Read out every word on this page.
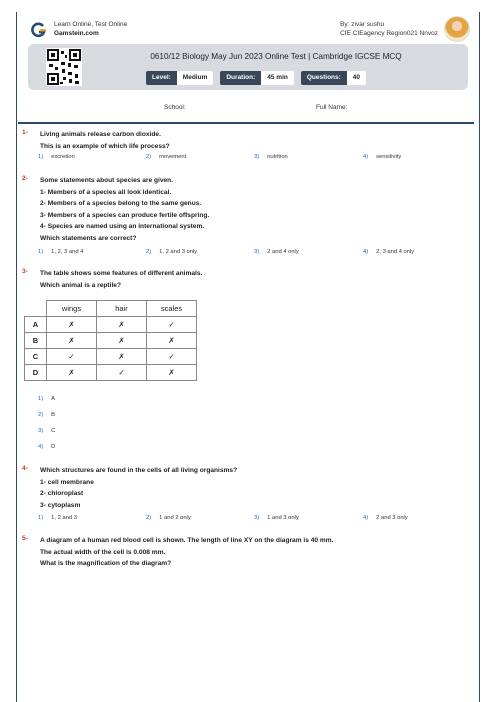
Learn Online, Test Online
Gamstein.com
By: zivar sushu
CIE CIEagency Region021 Nnvoz
0610/12 Biology May Jun 2023 Online Test | Cambridge IGCSE MCQ
Level:	Medium	Duration:	45 min	Questions:	40
School:	Full Name:
1- Living animals release carbon dioxide.
This is an example of which life process?
1) excretion	2) movement	3) nutrition	4) sensitivity
2- Some statements about species are given.
1- Members of a species all look identical.
2- Members of a species belong to the same genus.
3- Members of a species can produce fertile offspring.
4- Species are named using an international system.
Which statements are correct?
1) 1, 2, 3 and 4	2) 1, 2 and 3 only	3) 2 and 4 only	4) 2, 3 and 4 only
3- The table shows some features of different animals.
Which animal is a reptile?
	wings	hair	scales
A	✗	✗	✓
B	✗	✗	✗
C	✓	✗	✓
D	✗	✓	✗
1) A
2) B
3) C
4) D
4- Which structures are found in the cells of all living organisms?
1- cell membrane
2- chloroplast
3- cytoplasm
1) 1, 2 and 3	2) 1 and 2 only	3) 1 and 3 only	4) 2 and 3 only
5- A diagram of a human red blood cell is shown. The length of line XY on the diagram is 40 mm.
The actual width of the cell is 0.008 mm.
What is the magnification of the diagram?
